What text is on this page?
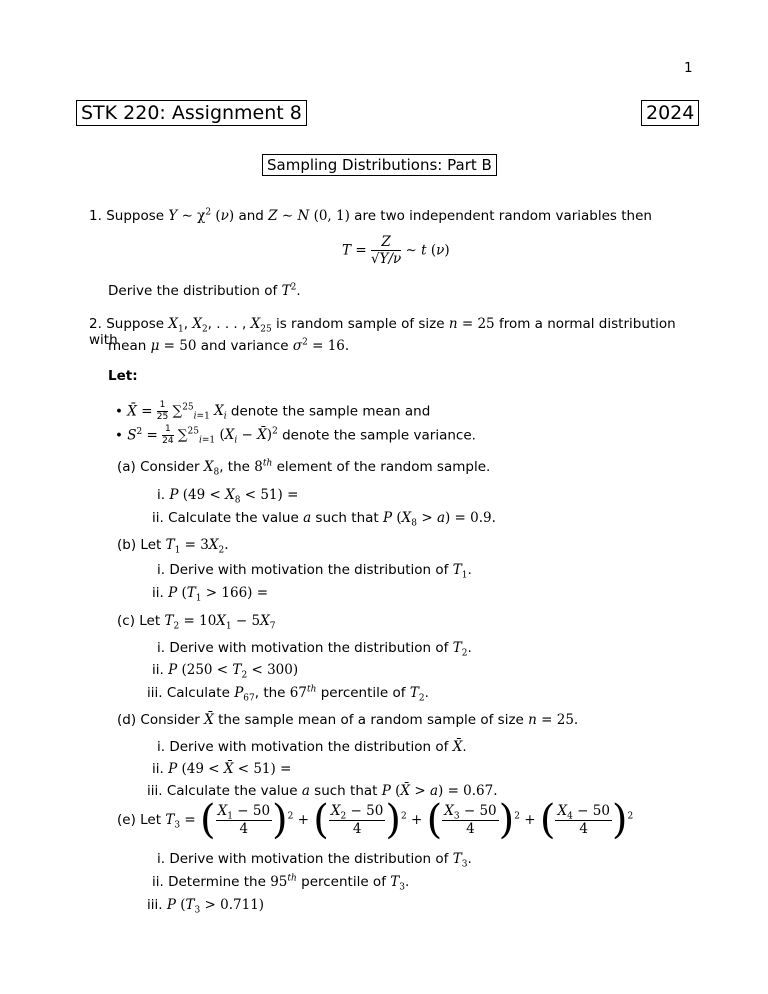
1
STK 220: Assignment 8	2024
Sampling Distributions: Part B
1. Suppose Y ∼ $\chi^2$ (ν) and Z ∼ N (0, 1) are two independent random variables then
$T = \frac{Z}{√Y/\nu}$ ∼ t (ν)
Derive the distribution of $T^2$.
2. Suppose $X_1$, $X_2$, . . . , $X_{25}$ is random sample of size n = 25 from a normal distribution with
mean μ = 50 and variance $\sigma^2 = 16$.
Let:
• X̄ = $\frac{1}{25} \sum^{25}_{i=1}$ $X_i$ denote the sample mean and
• $S^2 = \frac{1}{24} \sum^{25}_{i=1}$ ($X_i$ − X̄)$^2$ denote the sample variance.
(a) Consider $X_8$, the 8th element of the random sample.
i. P $(49 < X_8 < 51)$ =
ii. Calculate the value a such that P $(X_8 > a) = 0.9$.
(b) Let $T_1 = 3X_2$.
i. Derive with motivation the distribution of $T_1$.
ii. P $(T_1 > 166)$ =
(c) Let $T_2 = 10X_1 - 5X_7$
i. Derive with motivation the distribution of $T_2$.
ii. P $(250 < T_2 < 300)$
iii. Calculate $P_{67}$, the 67th percentile of $T_2$.
(d) Consider X̄ the sample mean of a random sample of size n = 25.
i. Derive with motivation the distribution of X̄.
ii. P (49 < X̄ < 51) =
iii. Calculate the value a such that P (X̄ > a) = 0.67.
(e) Let $T_3$ = ( $\frac{X_1 - 50}{4} )^2$ + ( $\frac{X_2 - 50}{4} )^2$ + ( $\frac{X_3 - 50}{4} )^2$ + ( $\frac{X_4 - 50}{4} )^2$
i. Derive with motivation the distribution of $T_3$.
ii. Determine the 95th percentile of $T_3$.
iii. P $(T_3 > 0.711)$
